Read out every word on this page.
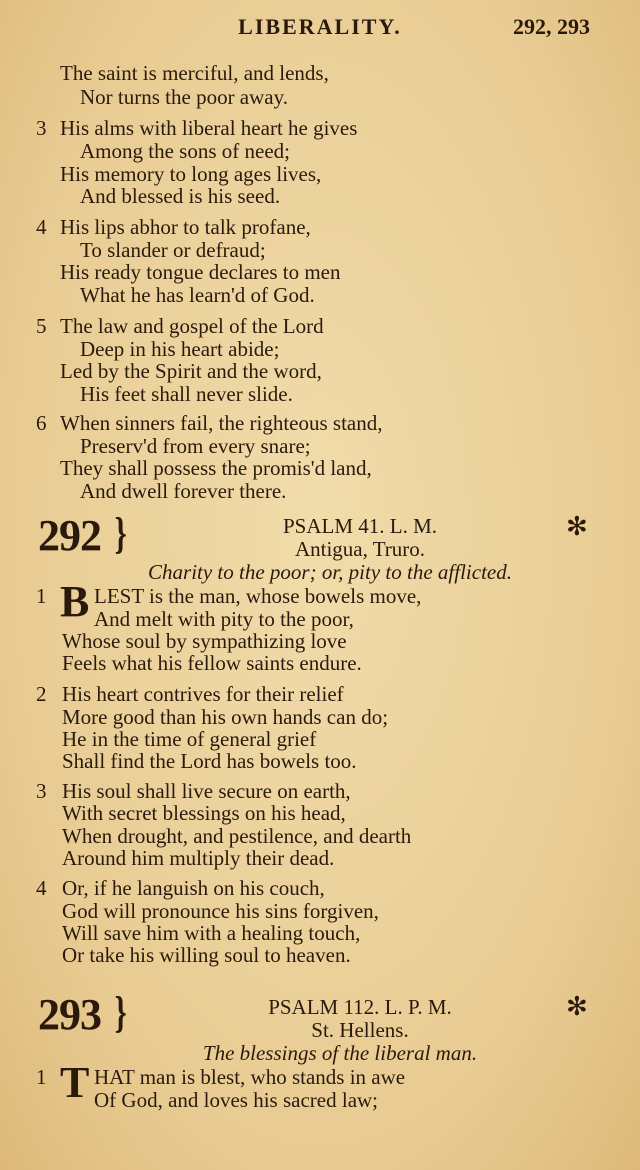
LIBERALITY.	292, 293
The saint is merciful, and lends,
Nor turns the poor away.
3 His alms with liberal heart he gives
Among the sons of need;
His memory to long ages lives,
And blessed is his seed.
4 His lips abhor to talk profane,
To slander or defraud;
His ready tongue declares to men
What he has learn'd of God.
5 The law and gospel of the Lord
Deep in his heart abide;
Led by the Spirit and the word,
His feet shall never slide.
6 When sinners fail, the righteous stand,
Preserv'd from every snare;
They shall possess the promis'd land,
And dwell forever there.
292 }	PSALM 41. L. M.	✻
Antigua, Truro.
Charity to the poor; or, pity to the afflicted.
1 B LEST is the man, whose bowels move,
And melt with pity to the poor,
Whose soul by sympathizing love
Feels what his fellow saints endure.
2 His heart contrives for their relief
More good than his own hands can do;
He in the time of general grief
Shall find the Lord has bowels too.
3 His soul shall live secure on earth,
With secret blessings on his head,
When drought, and pestilence, and dearth
Around him multiply their dead.
4 Or, if he languish on his couch,
God will pronounce his sins forgiven,
Will save him with a healing touch,
Or take his willing soul to heaven.
293 }	PSALM 112. L. P. M.	✻
St. Hellens.
The blessings of the liberal man.
1 T HAT man is blest, who stands in awe
Of God, and loves his sacred law;
